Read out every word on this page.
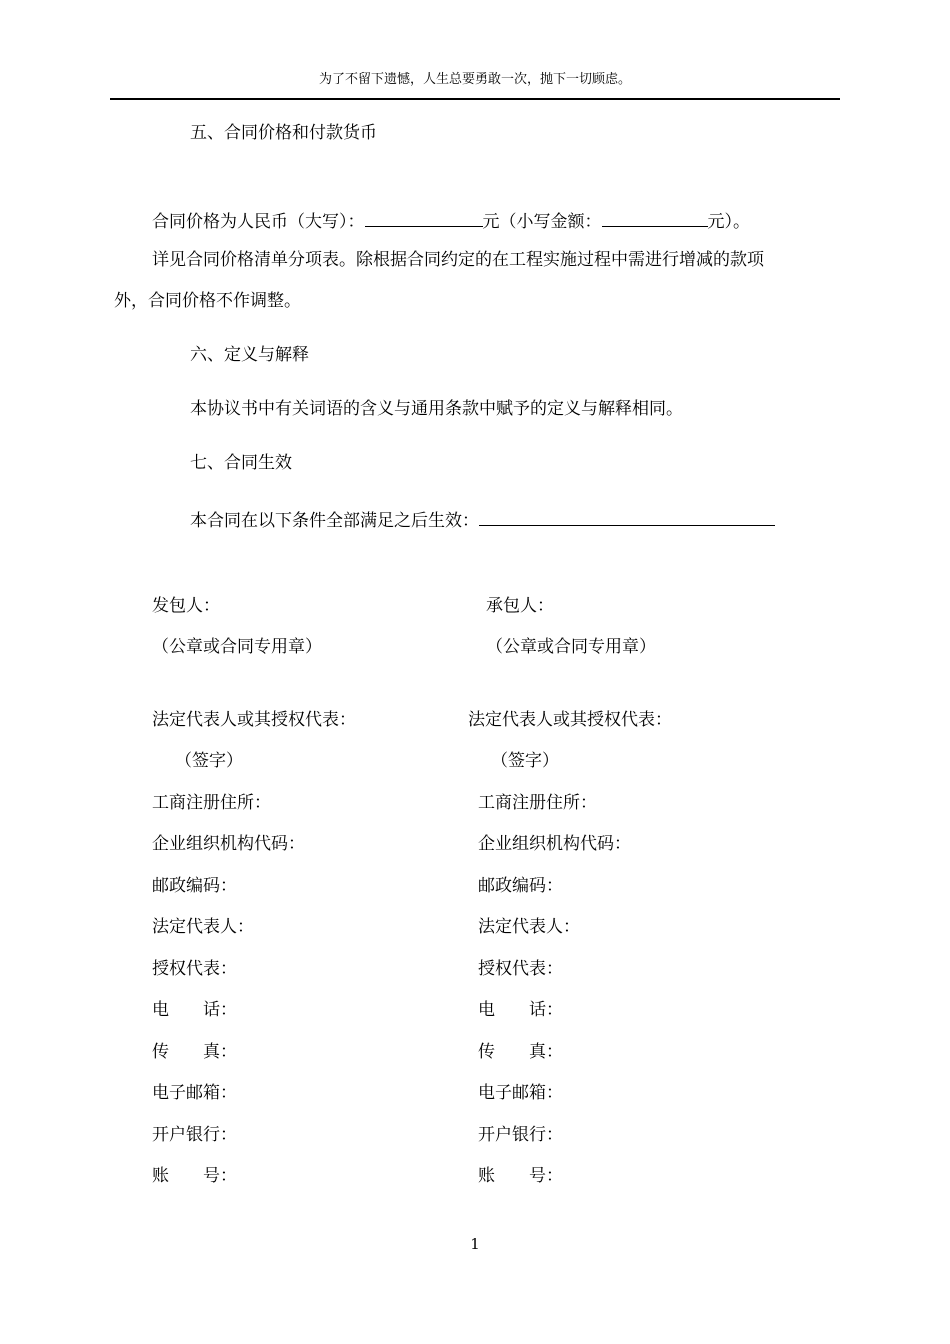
为了不留下遗憾，人生总要勇敢一次，抛下一切顾虑。
五、合同价格和付款货币
合同价格为人民币（大写）：	元（小写金额：	元）。
详见合同价格清单分项表。除根据合同约定的在工程实施过程中需进行增减的款项
外，合同价格不作调整。
六、定义与解释
本协议书中有关词语的含义与通用条款中赋予的定义与解释相同。
七、合同生效
本合同在以下条件全部满足之后生效：
发包人：
（公章或合同专用章）
法定代表人或其授权代表：
（签字）
工商注册住所：
企业组织机构代码：
邮政编码：
法定代表人：
授权代表：
电　　话：
传　　真：
电子邮箱：
开户银行：
账　　号：
承包人：
（公章或合同专用章）
法定代表人或其授权代表：
（签字）
工商注册住所：
企业组织机构代码：
邮政编码：
法定代表人：
授权代表：
电　　话：
传　　真：
电子邮箱：
开户银行：
账　　号：
1
